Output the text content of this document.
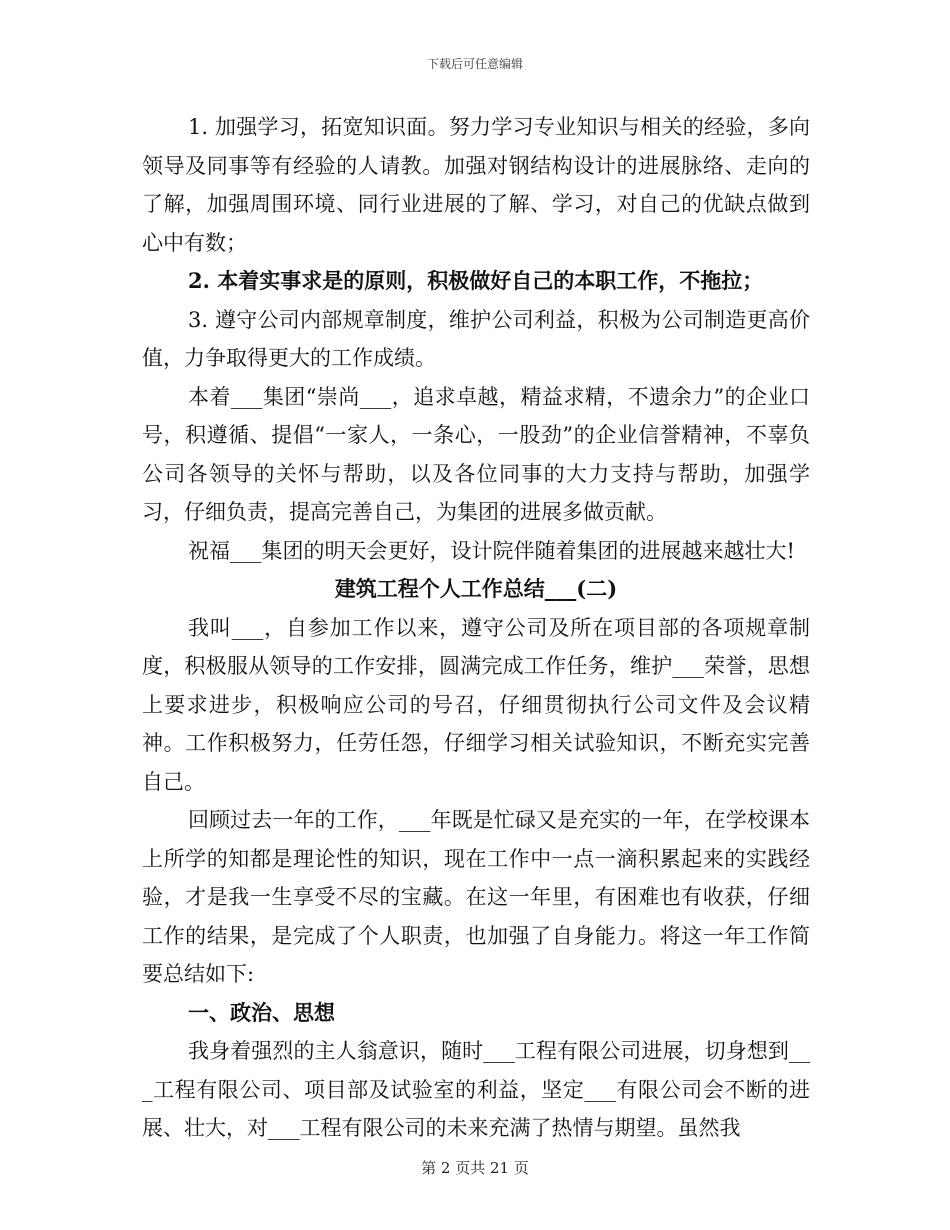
下载后可任意编辑

1. 加强学习，拓宽知识面。努力学习专业知识与相关的经验，多向领导及同事等有经验的人请教。加强对钢结构设计的进展脉络、走向的了解，加强周围环境、同行业进展的了解、学习，对自己的优缺点做到心中有数；

2. 本着实事求是的原则，积极做好自己的本职工作，不拖拉；

3. 遵守公司内部规章制度，维护公司利益，积极为公司制造更高价值，力争取得更大的工作成绩。

本着___集团“崇尚___，追求卓越，精益求精，不遗余力”的企业口号，积遵循、提倡“一家人，一条心，一股劲”的企业信誉精神，不辜负公司各领导的关怀与帮助，以及各位同事的大力支持与帮助，加强学习，仔细负责，提高完善自己，为集团的进展多做贡献。

祝福___集团的明天会更好，设计院伴随着集团的进展越来越壮大!

建筑工程个人工作总结___(二)

我叫___，自参加工作以来，遵守公司及所在项目部的各项规章制度，积极服从领导的工作安排，圆满完成工作任务，维护___荣誉，思想上要求进步，积极响应公司的号召，仔细贯彻执行公司文件及会议精神。工作积极努力，任劳任怨，仔细学习相关试验知识，不断充实完善自己。

回顾过去一年的工作，___年既是忙碌又是充实的一年，在学校课本上所学的知都是理论性的知识，现在工作中一点一滴积累起来的实践经验，才是我一生享受不尽的宝藏。在这一年里，有困难也有收获，仔细工作的结果，是完成了个人职责，也加强了自身能力。将这一年工作简要总结如下:

一、政治、思想

我身着强烈的主人翁意识，随时___工程有限公司进展，切身想到___工程有限公司、项目部及试验室的利益，坚定___有限公司会不断的进展、壮大，对___工程有限公司的未来充满了热情与期望。虽然我

第 2 页共 21 页
